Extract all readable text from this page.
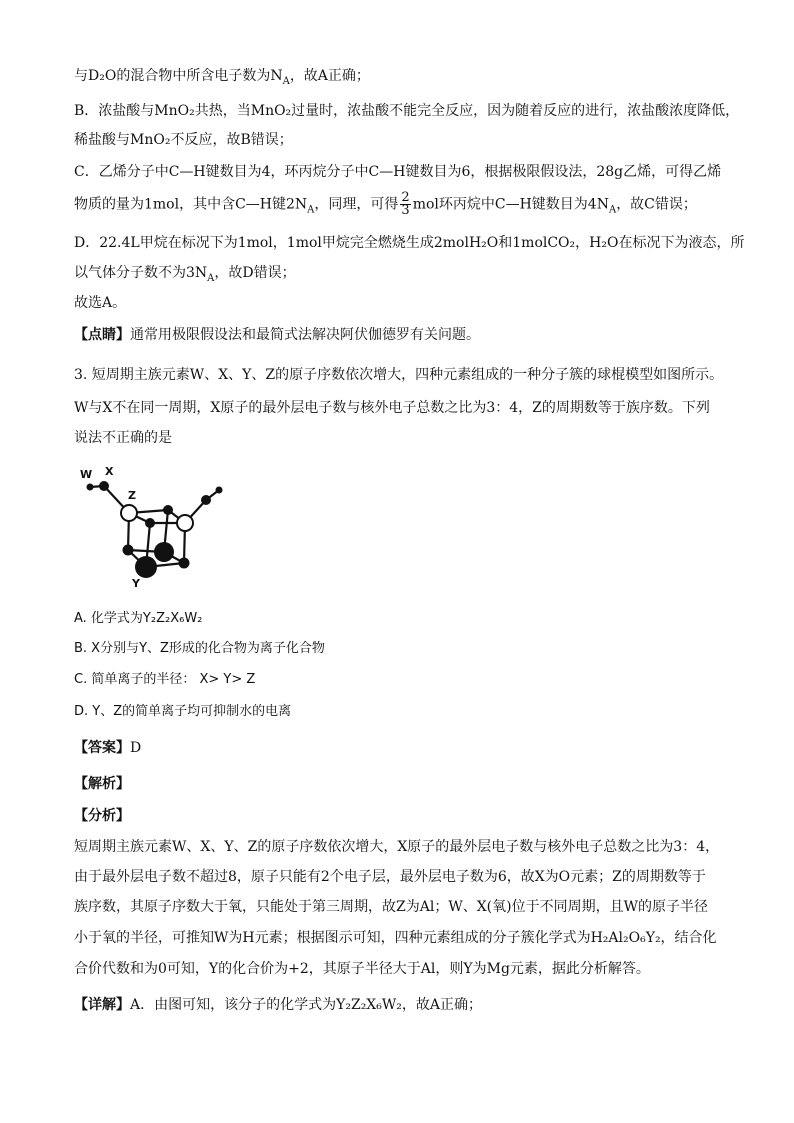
与D₂O的混合物中所含电子数为$N_A$，故A正确；
B．浓盐酸与MnO₂共热，当MnO₂过量时，浓盐酸不能完全反应，因为随着反应的进行，浓盐酸浓度降低，
稀盐酸与MnO₂不反应，故B错误；
C．乙烯分子中C—H键数目为4，环丙烷分子中C—H键数目为6，根据极限假设法，28g乙烯，可得乙烯
物质的量为1mol，其中含C—H键$2N_A$，同理，可得 $\frac{2}{3}$ mol环丙烷中C—H键数目为$4N_A$，故C错误；
D．22.4L甲烷在标况下为1mol，1mol甲烷完全燃烧生成2molH₂O和1molCO₂，H₂O在标况下为液态，所
以气体分子数不为$3N_A$，故D错误；
故选A。
【点睛】通常用极限假设法和最简式法解决阿伏伽德罗有关问题。
3. 短周期主族元素W、X、Y、Z的原子序数依次增大，四种元素组成的一种分子簇的球棍模型如图所示。
W与X不在同一周期，X原子的最外层电子数与核外电子总数之比为3：4，Z的周期数等于族序数。下列
说法不正确的是
W X
Z
Y
A. 化学式为Y₂Z₂X₆W₂
B. X分别与Y、Z形成的化合物为离子化合物
C. 简单离子的半径： X> Y> Z
D. Y、Z的简单离子均可抑制水的电离
【答案】D
【解析】
【分析】
短周期主族元素W、X、Y、Z的原子序数依次增大，X原子的最外层电子数与核外电子总数之比为3：4，
由于最外层电子数不超过8，原子只能有2个电子层，最外层电子数为6，故X为O元素；Z的周期数等于
族序数，其原子序数大于氧，只能处于第三周期，故Z为Al；W、X(氧)位于不同周期，且W的原子半径
小于氧的半径，可推知W为H元素；根据图示可知，四种元素组成的分子簇化学式为H₂Al₂O₆Y₂，结合化
合价代数和为0可知，Y的化合价为+2，其原子半径大于Al，则Y为Mg元素，据此分析解答。
【详解】A．由图可知，该分子的化学式为Y₂Z₂X₆W₂，故A正确；
